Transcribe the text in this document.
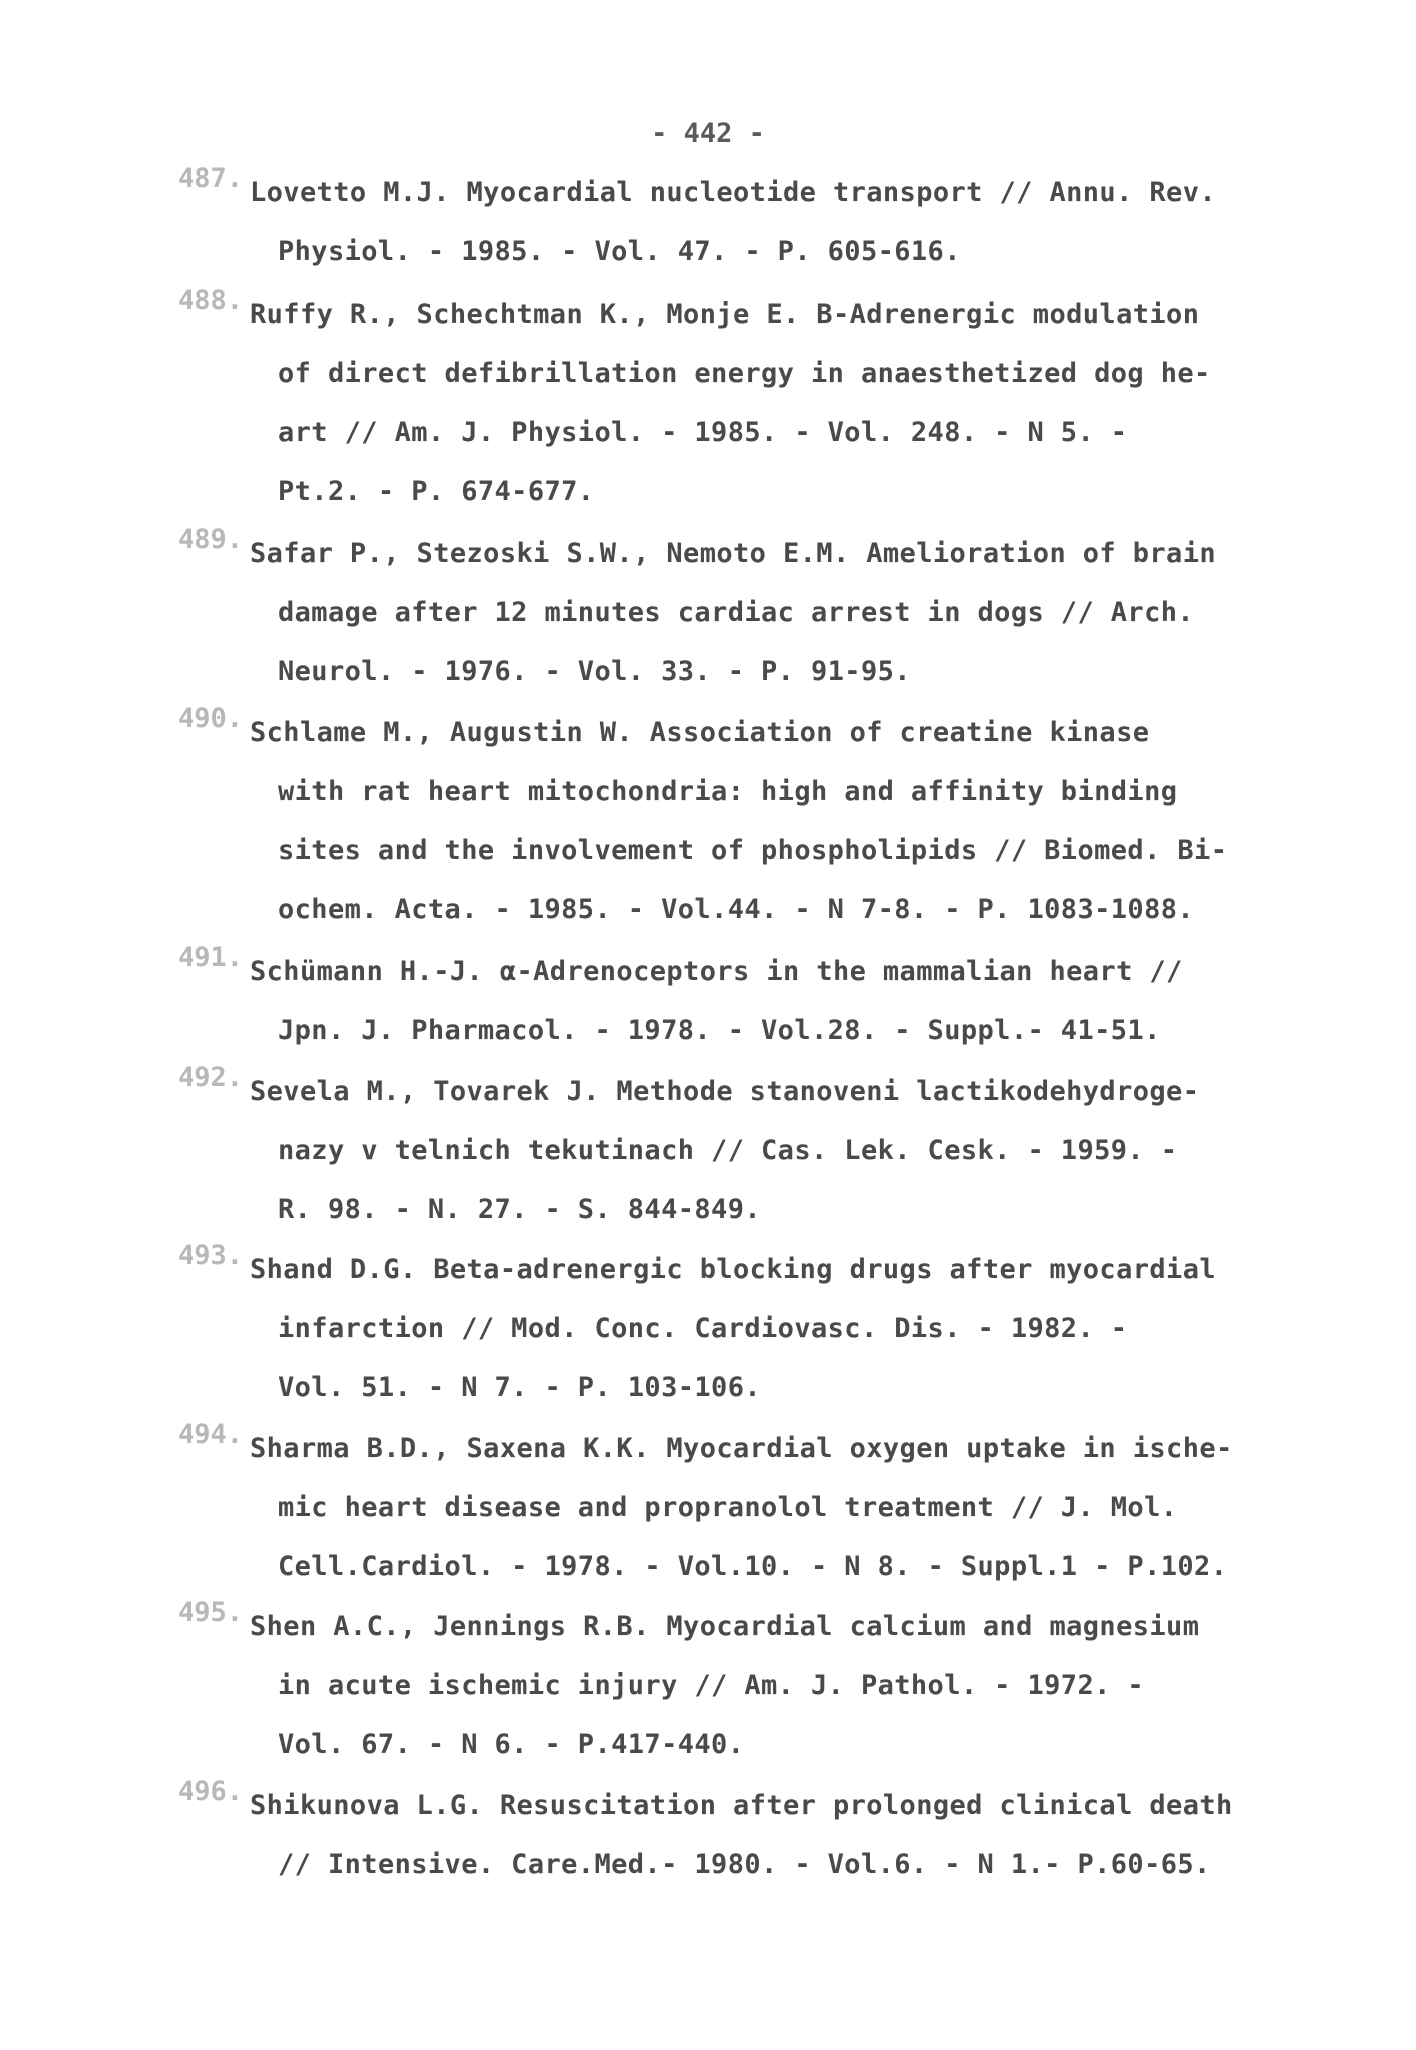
- 442 -
487. Lovetto M.J. Myocardial nucleotide transport // Annu. Rev.
Physiol. - 1985. - Vol. 47. - P. 605-616.
488. Ruffy R., Schechtman K., Monje E. B-Adrenergic modulation
of direct defibrillation energy in anaesthetized dog he-
art // Am. J. Physiol. - 1985. - Vol. 248. - N 5. -
Pt.2. - P. 674-677.
489. Safar P., Stezoski S.W., Nemoto E.M. Amelioration of brain
damage after 12 minutes cardiac arrest in dogs // Arch.
Neurol. - 1976. - Vol. 33. - P. 91-95.
490. Schlame M., Augustin W. Association of creatine kinase
with rat heart mitochondria: high and affinity binding
sites and the involvement of phospholipids // Biomed. Bi-
ochem. Acta. - 1985. - Vol.44. - N 7-8. - P. 1083-1088.
491. Schümann H.-J. α-Adrenoceptors in the mammalian heart //
Jpn. J. Pharmacol. - 1978. - Vol.28. - Suppl.- 41-51.
492. Sevela M., Tovarek J. Methode stanoveni lactikodehydroge-
nazy v telnich tekutinach // Cas. Lek. Cesk. - 1959. -
R. 98. - N. 27. - S. 844-849.
493. Shand D.G. Beta-adrenergic blocking drugs after myocardial
infarction // Mod. Conc. Cardiovasc. Dis. - 1982. -
Vol. 51. - N 7. - P. 103-106.
494. Sharma B.D., Saxena K.K. Myocardial oxygen uptake in ische-
mic heart disease and propranolol treatment // J. Mol.
Cell.Cardiol. - 1978. - Vol.10. - N 8. - Suppl.1 - P.102.
495. Shen A.C., Jennings R.B. Myocardial calcium and magnesium
in acute ischemic injury // Am. J. Pathol. - 1972. -
Vol. 67. - N 6. - P.417-440.
496. Shikunova L.G. Resuscitation after prolonged clinical death
// Intensive. Care.Med.- 1980. - Vol.6. - N 1.- P.60-65.
